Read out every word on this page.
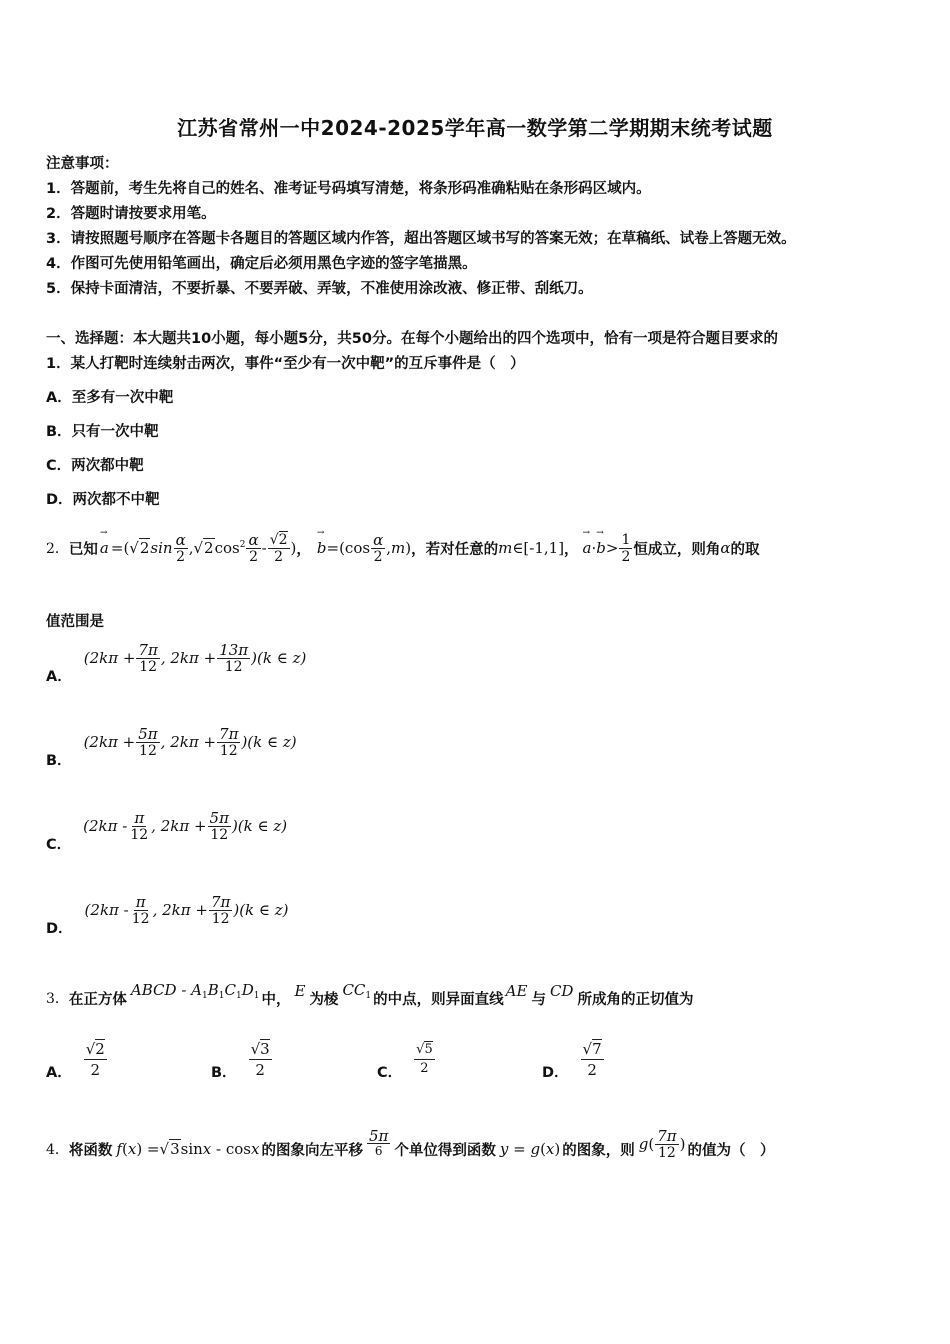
江苏省常州一中2024-2025学年高一数学第二学期期末统考试题
注意事项：
1．答题前，考生先将自己的姓名、准考证号码填写清楚，将条形码准确粘贴在条形码区域内。
2．答题时请按要求用笔。
3．请按照题号顺序在答题卡各题目的答题区域内作答，超出答题区域书写的答案无效；在草稿纸、试卷上答题无效。
4．作图可先使用铅笔画出，确定后必须用黑色字迹的签字笔描黑。
5．保持卡面清洁，不要折暴、不要弄破、弄皱，不准使用涂改液、修正带、刮纸刀。
一、选择题：本大题共10小题，每小题5分，共50分。在每个小题给出的四个选项中，恰有一项是符合题目要求的
1．某人打靶时连续射击两次，事件“至少有一次中靶”的互斥事件是（　）
A．至多有一次中靶
B．只有一次中靶
C．两次都中靶
D．两次都不中靶
2． 已知 → a =( √2 $\sin \frac{\alpha}{2}$ , √2 $\cos^2 \frac{\alpha}{2} - \frac{√2}{2}$ ) ， → $b =(\cos \frac{\alpha}{2}$ , m ) ，若对任意的 m ∈[-1,1] ， → a · → $b > \frac{1}{2}$ 恒成立，则角 α 的取
值范围是
A．
($2k\pi + \frac{7\pi}{12}$ , $2k\pi + \frac{13\pi}{12} )(k$ ∈ z)
B．
($2k\pi + \frac{5\pi}{12}$ , $2k\pi + \frac{7\pi}{12} )(k$ ∈ z)
C．
($2k\pi - \frac{\pi}{12}$ , $2k\pi + \frac{5\pi}{12} )(k$ ∈ z)
D．
($2k\pi - \frac{\pi}{12}$ , $2k\pi + \frac{7\pi}{12} )(k$ ∈ z)
3． 在正方体
ABCD - $A_1B_1C_1D_1$ 中， E 为棱
$CC_1$ 的中点，则异面直线 AE 与 CD 所成角的正切值为
A． $\frac{√2}{2}$	B． $\frac{√3}{2}$	C． $\frac{√5}{2}$	D． $\frac{√7}{2}$
4． 将函数 f ( x ) = √3 sin x - cos x 的图象向左平移 $\frac{5\pi}{6}$ 个单位得到函数 y = g ( x ) 的图象，则 g ( $\frac{7\pi}{12}$ ) 的值为（　）
